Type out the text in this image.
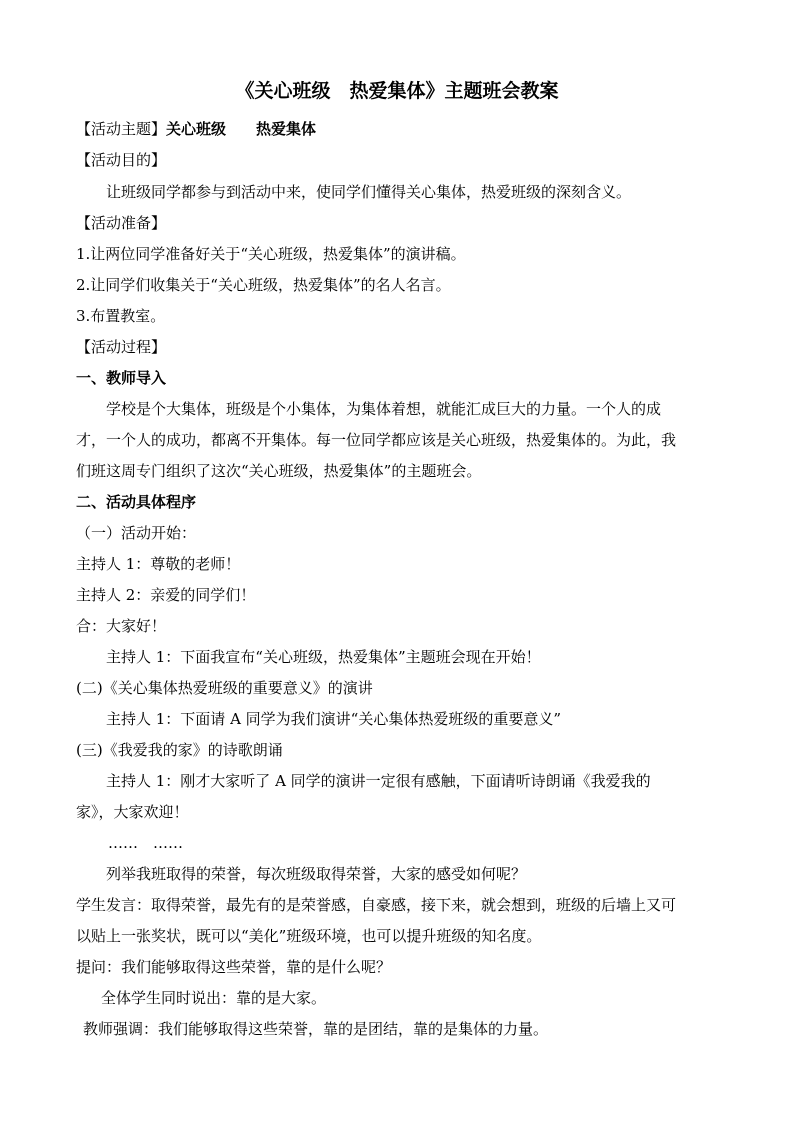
《关心班级　热爱集体》主题班会教案
【活动主题】关心班级　　热爱集体
【活动目的】
让班级同学都参与到活动中来，使同学们懂得关心集体，热爱班级的深刻含义。
【活动准备】
1.让两位同学准备好关于“关心班级，热爱集体”的演讲稿。
2.让同学们收集关于“关心班级，热爱集体”的名人名言。
3.布置教室。
【活动过程】
一、教师导入
学校是个大集体，班级是个小集体，为集体着想，就能汇成巨大的力量。一个人的成
才，一个人的成功，都离不开集体。每一位同学都应该是关心班级，热爱集体的。为此，我
们班这周专门组织了这次“关心班级，热爱集体”的主题班会。
二、活动具体程序
（一）活动开始：
主持人 1：尊敬的老师！
主持人 2：亲爱的同学们！
合：大家好！
主持人 1：下面我宣布“关心班级，热爱集体”主题班会现在开始！
(二)《关心集体热爱班级的重要意义》的演讲
主持人 1：下面请 A 同学为我们演讲“关心集体热爱班级的重要意义”
(三)《我爱我的家》的诗歌朗诵
主持人 1：刚才大家听了 A 同学的演讲一定很有感触，下面请听诗朗诵《我爱我的
家》，大家欢迎！
……　……
列举我班取得的荣誉，每次班级取得荣誉，大家的感受如何呢？
学生发言：取得荣誉，最先有的是荣誉感，自豪感，接下来，就会想到，班级的后墙上又可
以贴上一张奖状，既可以“美化”班级环境，也可以提升班级的知名度。
提问：我们能够取得这些荣誉，靠的是什么呢？
全体学生同时说出：靠的是大家。
教师强调：我们能够取得这些荣誉，靠的是团结，靠的是集体的力量。
